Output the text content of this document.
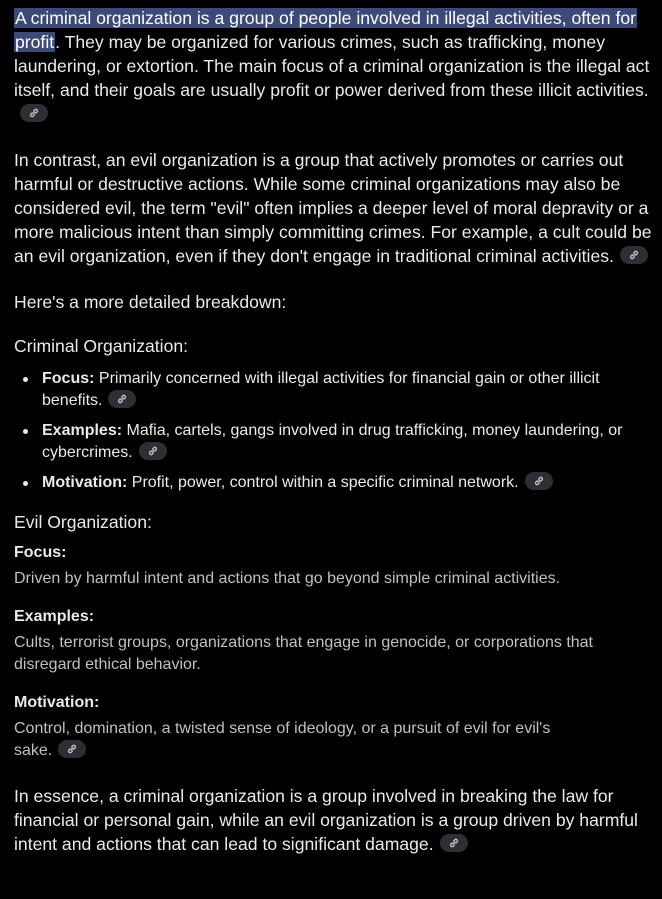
A criminal organization is a group of people involved in illegal activities, often for profit. They may be organized for various crimes, such as trafficking, money laundering, or extortion. The main focus of a criminal organization is the illegal act itself, and their goals are usually profit or power derived from these illicit activities.

In contrast, an evil organization is a group that actively promotes or carries out harmful or destructive actions. While some criminal organizations may also be considered evil, the term "evil" often implies a deeper level of moral depravity or a more malicious intent than simply committing crimes. For example, a cult could be an evil organization, even if they don't engage in traditional criminal activities.

Here's a more detailed breakdown:

Criminal Organization:
Focus: Primarily concerned with illegal activities for financial gain or other illicit benefits.
Examples: Mafia, cartels, gangs involved in drug trafficking, money laundering, or cybercrimes.
Motivation: Profit, power, control within a specific criminal network.
Evil Organization:

Focus:

Driven by harmful intent and actions that go beyond simple criminal activities.

Examples:

Cults, terrorist groups, organizations that engage in genocide, or corporations that disregard ethical behavior.

Motivation:

Control, domination, a twisted sense of ideology, or a pursuit of evil for evil's sake.

In essence, a criminal organization is a group involved in breaking the law for financial or personal gain, while an evil organization is a group driven by harmful intent and actions that can lead to significant damage.
